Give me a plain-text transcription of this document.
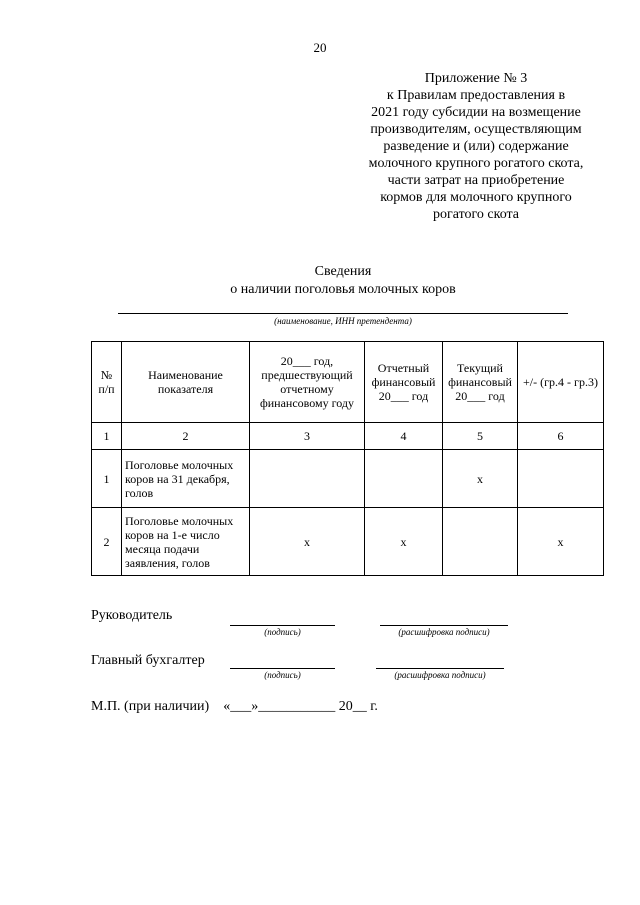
20
Приложение № 3
к Правилам предоставления в
2021 году субсидии на возмещение
производителям, осуществляющим
разведение и (или) содержание
молочного крупного рогатого скота,
части затрат на приобретение
кормов для молочного крупного
рогатого скота
Сведения
о наличии поголовья молочных коров
(наименование, ИНН претендента)
№ п/п	Наименование показателя	20___ год, предшествующий отчетному финансовому году	Отчетный финансовый 20___ год	Текущий финансовый 20___ год	+/- (гр.4 - гр.3)
1	2	3	4	5	6
1	Поголовье молочных коров на 31 декабря, голов			x	
2	Поголовье молочных коров на 1-е число месяца подачи заявления, голов	x	x		x
Руководитель
(подпись)	(расшифровка подписи)
Главный бухгалтер
(подпись)	(расшифровка подписи)
М.П. (при наличии)    «___»___________ 20__ г.
